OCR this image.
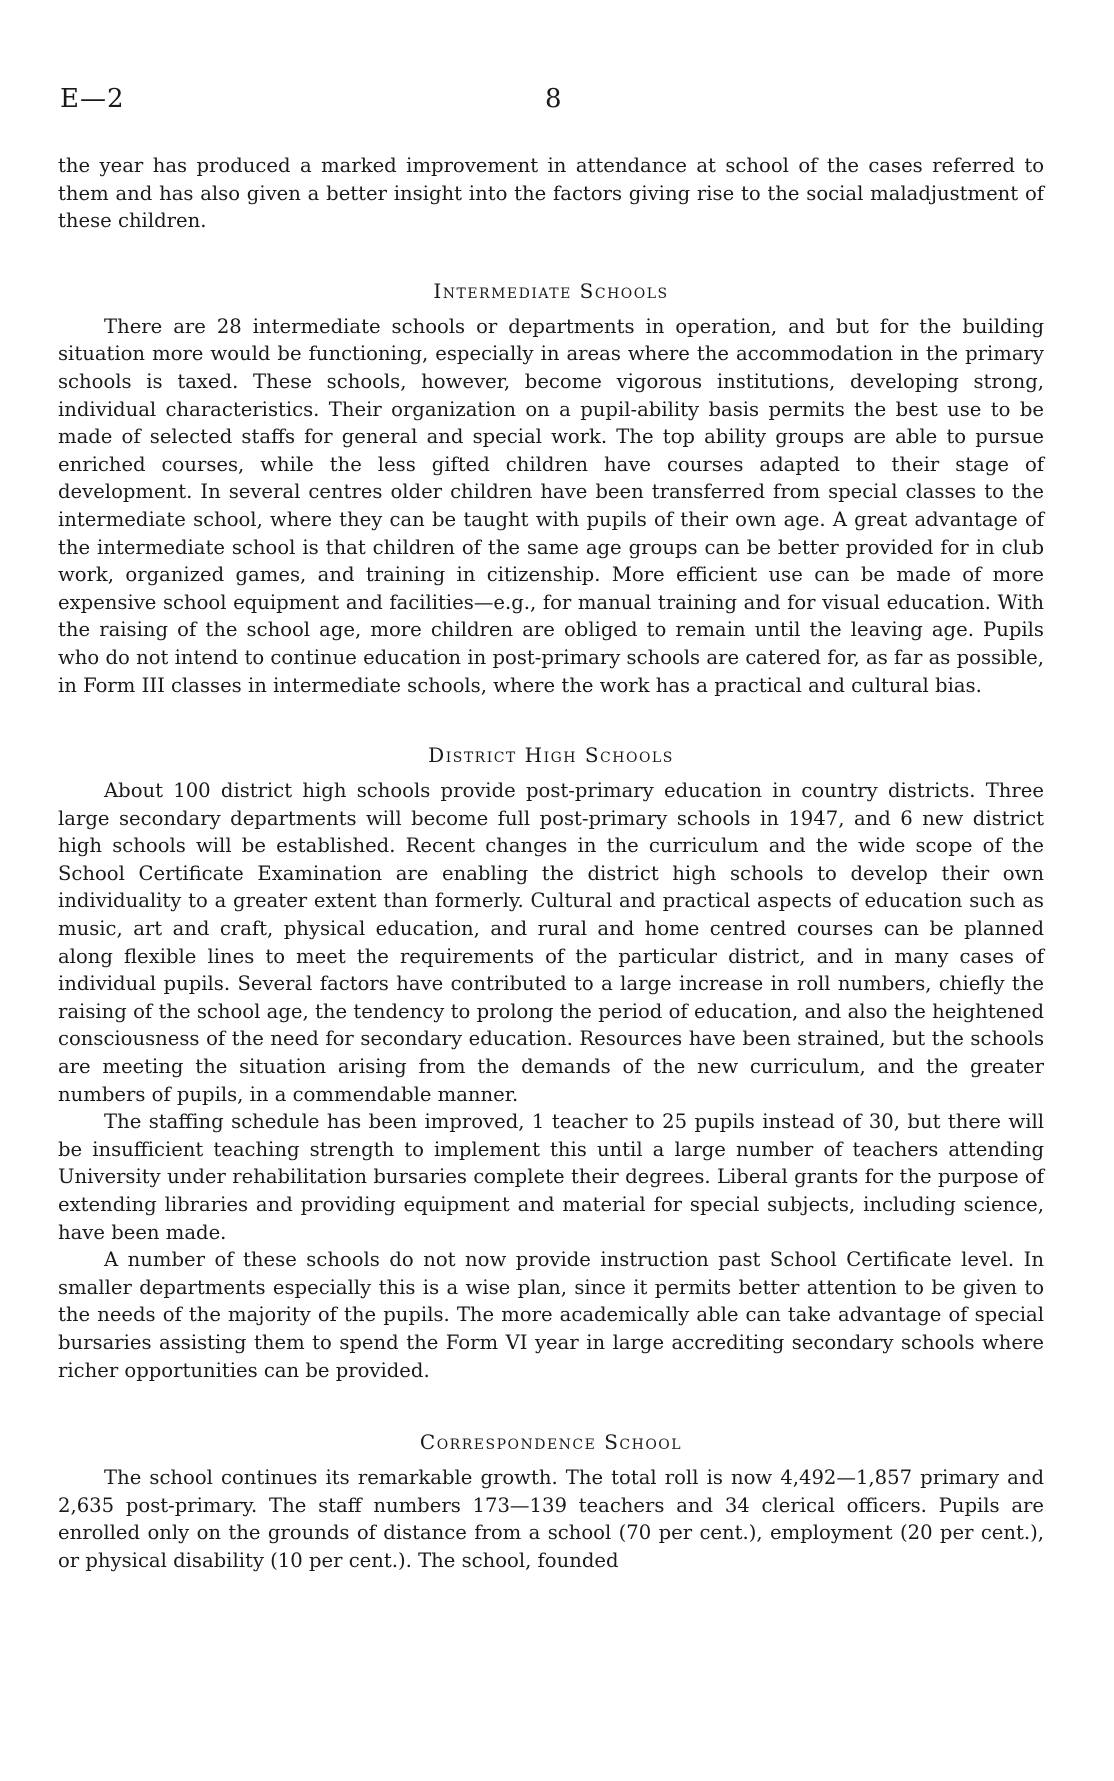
E—2	8

the year has produced a marked improvement in attendance at school of the cases referred to them and has also given a better insight into the factors giving rise to the social maladjustment of these children.

Intermediate Schools

There are 28 intermediate schools or departments in operation, and but for the building situation more would be functioning, especially in areas where the accommodation in the primary schools is taxed. These schools, however, become vigorous institutions, developing strong, individual characteristics. Their organization on a pupil-ability basis permits the best use to be made of selected staffs for general and special work. The top ability groups are able to pursue enriched courses, while the less gifted children have courses adapted to their stage of development. In several centres older children have been transferred from special classes to the intermediate school, where they can be taught with pupils of their own age. A great advantage of the intermediate school is that children of the same age groups can be better provided for in club work, organized games, and training in citizenship. More efficient use can be made of more expensive school equipment and facilities—e.g., for manual training and for visual education. With the raising of the school age, more children are obliged to remain until the leaving age. Pupils who do not intend to continue education in post-primary schools are catered for, as far as possible, in Form III classes in intermediate schools, where the work has a practical and cultural bias.

District High Schools

About 100 district high schools provide post-primary education in country districts. Three large secondary departments will become full post-primary schools in 1947, and 6 new district high schools will be established. Recent changes in the curriculum and the wide scope of the School Certificate Examination are enabling the district high schools to develop their own individuality to a greater extent than formerly. Cultural and practical aspects of education such as music, art and craft, physical education, and rural and home centred courses can be planned along flexible lines to meet the requirements of the particular district, and in many cases of individual pupils. Several factors have contributed to a large increase in roll numbers, chiefly the raising of the school age, the tendency to prolong the period of education, and also the heightened consciousness of the need for secondary education. Resources have been strained, but the schools are meeting the situation arising from the demands of the new curriculum, and the greater numbers of pupils, in a commendable manner.

The staffing schedule has been improved, 1 teacher to 25 pupils instead of 30, but there will be insufficient teaching strength to implement this until a large number of teachers attending University under rehabilitation bursaries complete their degrees. Liberal grants for the purpose of extending libraries and providing equipment and material for special subjects, including science, have been made.

A number of these schools do not now provide instruction past School Certificate level. In smaller departments especially this is a wise plan, since it permits better attention to be given to the needs of the majority of the pupils. The more academically able can take advantage of special bursaries assisting them to spend the Form VI year in large accrediting secondary schools where richer opportunities can be provided.

Correspondence School

The school continues its remarkable growth. The total roll is now 4,492—1,857 primary and 2,635 post-primary. The staff numbers 173—139 teachers and 34 clerical officers. Pupils are enrolled only on the grounds of distance from a school (70 per cent.), employment (20 per cent.), or physical disability (10 per cent.). The school, founded
